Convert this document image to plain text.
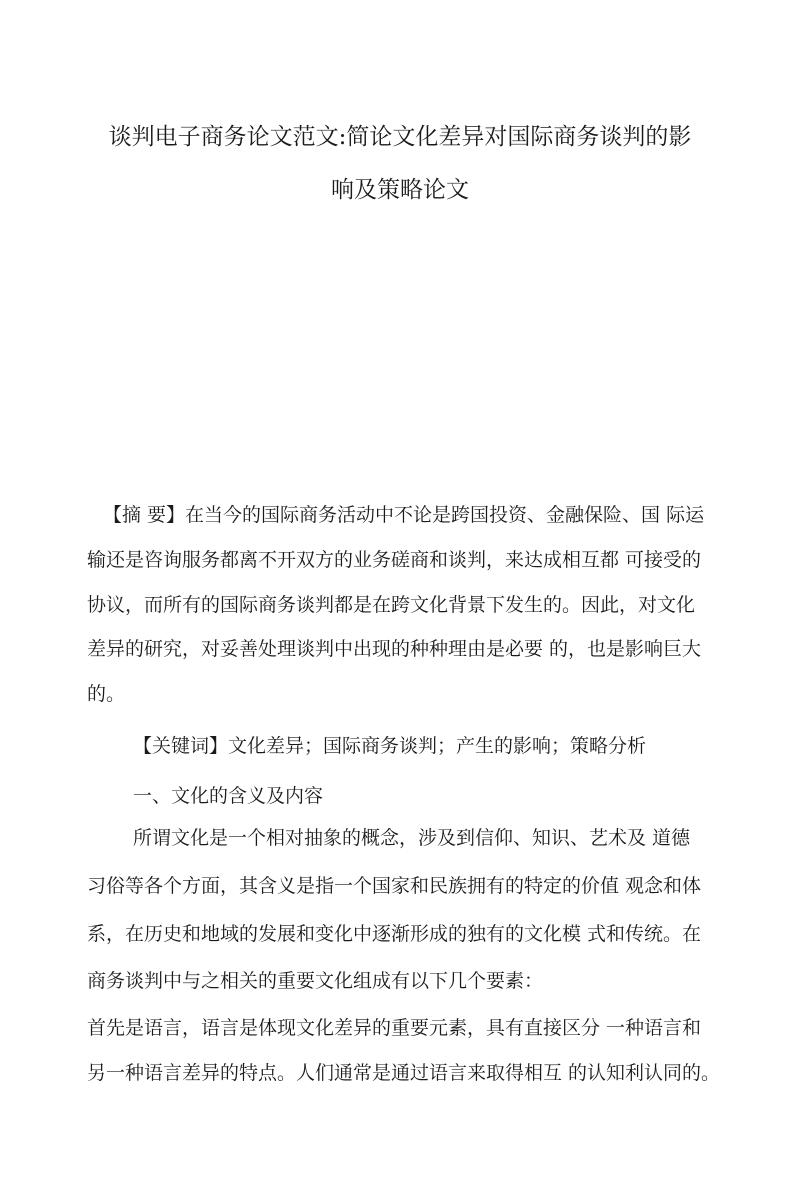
谈判电子商务论文范文:简论文化差异对国际商务谈判的影
响及策略论文
【摘 要】在当今的国际商务活动中不论是跨国投资、金融保险、国 际运
输还是咨询服务都离不开双方的业务磋商和谈判，来达成相互都 可接受的
协议，而所有的国际商务谈判都是在跨文化背景下发生的。因此，对文化
差异的研究，对妥善处理谈判中出现的种种理由是必要 的，也是影响巨大
的。
【关键词】文化差异；国际商务谈判；产生的影响；策略分析
一、文化的含义及内容
所谓文化是一个相对抽象的概念，涉及到信仰、知识、艺术及 道德
习俗等各个方面，其含义是指一个国家和民族拥有的特定的价值 观念和体
系，在历史和地域的发展和变化中逐渐形成的独有的文化模 式和传统。在
商务谈判中与之相关的重要文化组成有以下几个要素：
首先是语言，语言是体现文化差异的重要元素，具有直接区分 一种语言和
另一种语言差异的特点。人们通常是通过语言来取得相互 的认知利认同的。
